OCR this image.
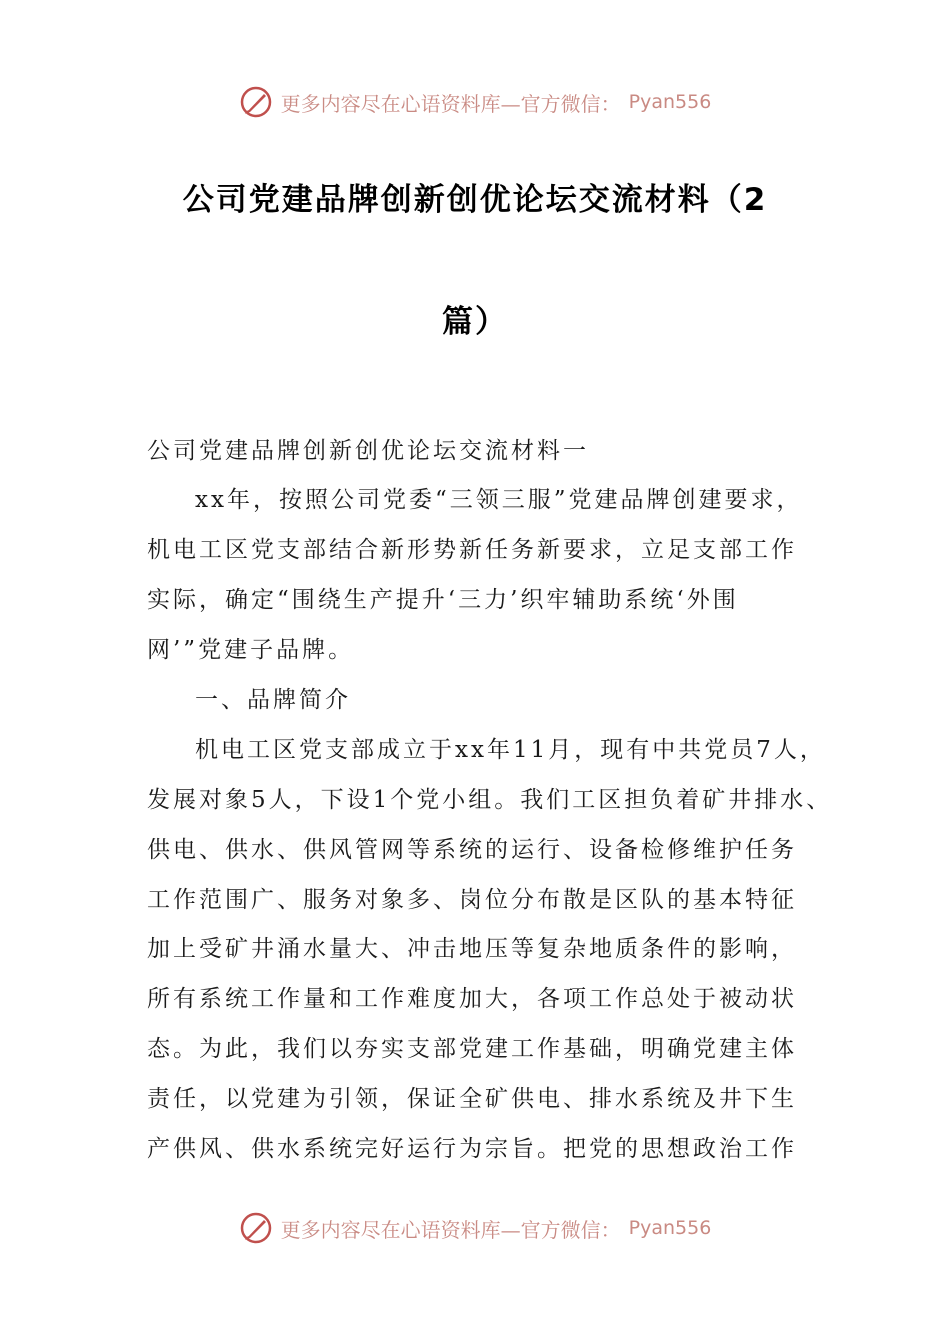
更多内容尽在心语资料库—官方微信： Pyan556
公司党建品牌创新创优论坛交流材料（2
篇）
公司党建品牌创新创优论坛交流材料一
xx年，按照公司党委“三领三服”党建品牌创建要求，
机电工区党支部结合新形势新任务新要求，立足支部工作
实际，确定“围绕生产提升‘三力’织牢辅助系统‘外围
网’”党建子品牌。
一、品牌简介
机电工区党支部成立于xx年11月，现有中共党员7人，
发展对象5人，下设1个党小组。我们工区担负着矿井排水、
供电、供水、供风管网等系统的运行、设备检修维护任务
工作范围广、服务对象多、岗位分布散是区队的基本特征
加上受矿井涌水量大、冲击地压等复杂地质条件的影响，
所有系统工作量和工作难度加大，各项工作总处于被动状
态。为此，我们以夯实支部党建工作基础，明确党建主体
责任，以党建为引领，保证全矿供电、排水系统及井下生
产供风、供水系统完好运行为宗旨。把党的思想政治工作
更多内容尽在心语资料库—官方微信： Pyan556
